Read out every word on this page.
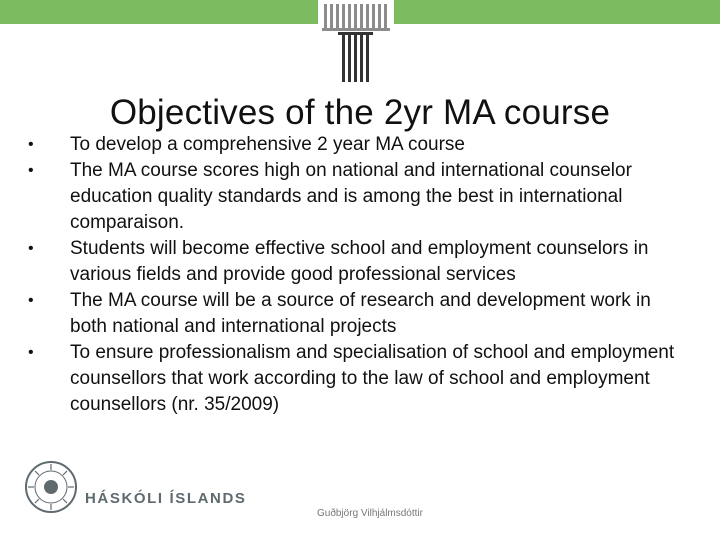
Objectives of the 2yr MA course
•	To develop a comprehensive 2 year MA course
•	The MA course scores high on national and international counselor education quality standards and is among the best in international comparaison.
•	Students will become effective school and employment counselors in various fields and provide good professional services
•	The MA course will be a source of research and development work in both national and international projects
•	To ensure professionalism and specialisation of school and employment counsellors that work according to the law of school and employment counsellors (nr. 35/2009)
HÁSKÓLI ÍSLANDS
Guðbjörg Vilhjálmsdóttir
